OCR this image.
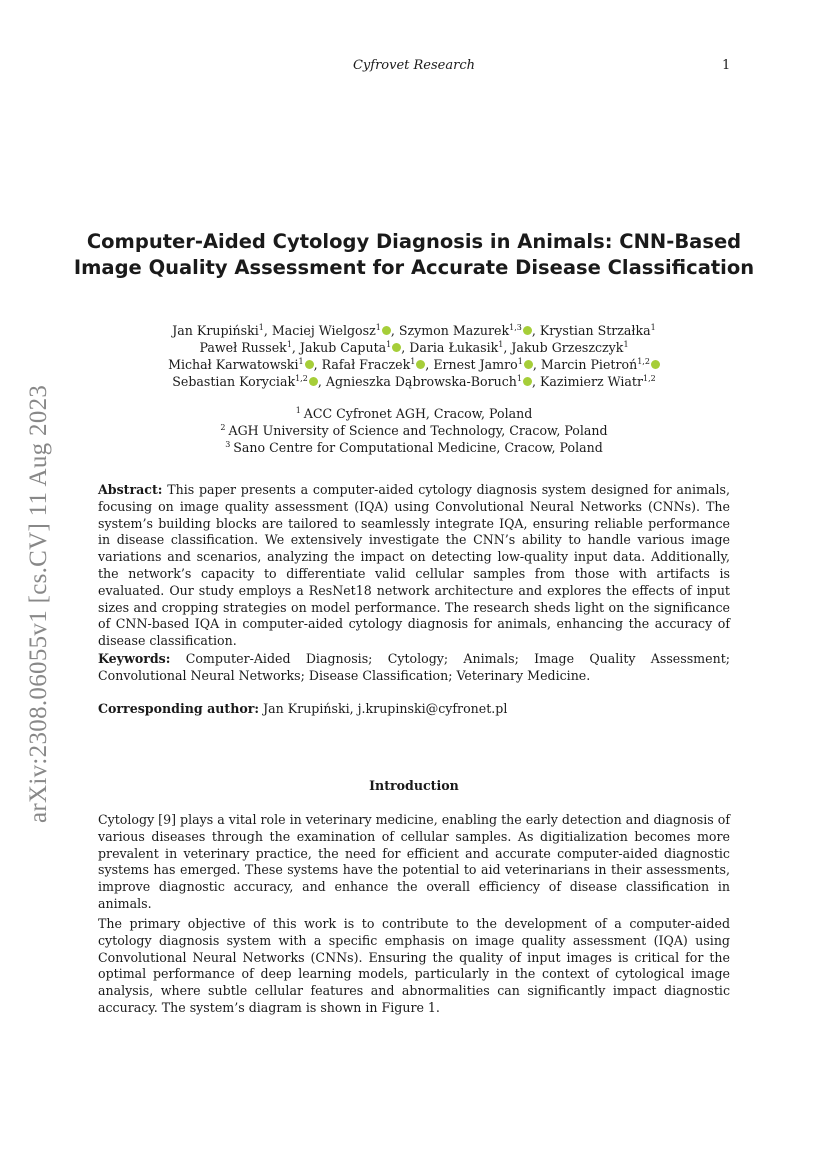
Cyfrovet Research	1
arXiv:2308.06055v1 [cs.CV] 11 Aug 2023
Computer-Aided Cytology Diagnosis in Animals: CNN-Based
Image Quality Assessment for Accurate Disease Classification
Jan Krupiński$^1$, Maciej Wielgosz$^1$ , Szymon Mazurek$^{1,3}$ , Krystian Strzałka$^1$
Paweł Russek$^1$, Jakub Caputa$^1$ , Daria Łukasik$^1$, Jakub Grzeszczyk$^1$
Michał Karwatowski$^1$ , Rafał Fraczek$^1$ , Ernest Jamro$^1$ , Marcin Pietroń$^{1,2}$
Sebastian Koryciak$^{1,2}$ , Agnieszka Dąbrowska-Boruch$^1$ , Kazimierz Wiatr$^{1,2}$
$^1$ ACC Cyfronet AGH, Cracow, Poland
$^2$ AGH University of Science and Technology, Cracow, Poland
$^3$ Sano Centre for Computational Medicine, Cracow, Poland

Abstract: This paper presents a computer-aided cytology diagnosis system designed for animals, focusing on image quality assessment (IQA) using Convolutional Neural Networks (CNNs). The system’s building blocks are tailored to seamlessly integrate IQA, ensuring reliable performance in disease classification. We extensively investigate the CNN’s ability to handle various image variations and scenarios, analyzing the impact on detecting low-quality input data. Additionally, the network’s capacity to differentiate valid cellular samples from those with artifacts is evaluated. Our study employs a ResNet18 network architecture and explores the effects of input sizes and cropping strategies on model performance. The research sheds light on the significance of CNN-based IQA in computer-aided cytology diagnosis for animals, enhancing the accuracy of disease classification.

Keywords: Computer-Aided Diagnosis; Cytology; Animals; Image Quality Assessment; Convolutional Neural Networks; Disease Classification; Veterinary Medicine.

Corresponding author: Jan Krupiński, j.krupinski@cyfronet.pl

Introduction

Cytology [9] plays a vital role in veterinary medicine, enabling the early detection and diagnosis of various diseases through the examination of cellular samples. As digitialization becomes more prevalent in veterinary practice, the need for efficient and accurate computer-aided diagnostic systems has emerged. These systems have the potential to aid veterinarians in their assessments, improve diagnostic accuracy, and enhance the overall efficiency of disease classification in animals.

The primary objective of this work is to contribute to the development of a computer-aided cytology diagnosis system with a specific emphasis on image quality assessment (IQA) using Convolutional Neural Networks (CNNs). Ensuring the quality of input images is critical for the optimal performance of deep learning models, particularly in the context of cytological image analysis, where subtle cellular features and abnormalities can significantly impact diagnostic accuracy. The system’s diagram is shown in Figure 1.
